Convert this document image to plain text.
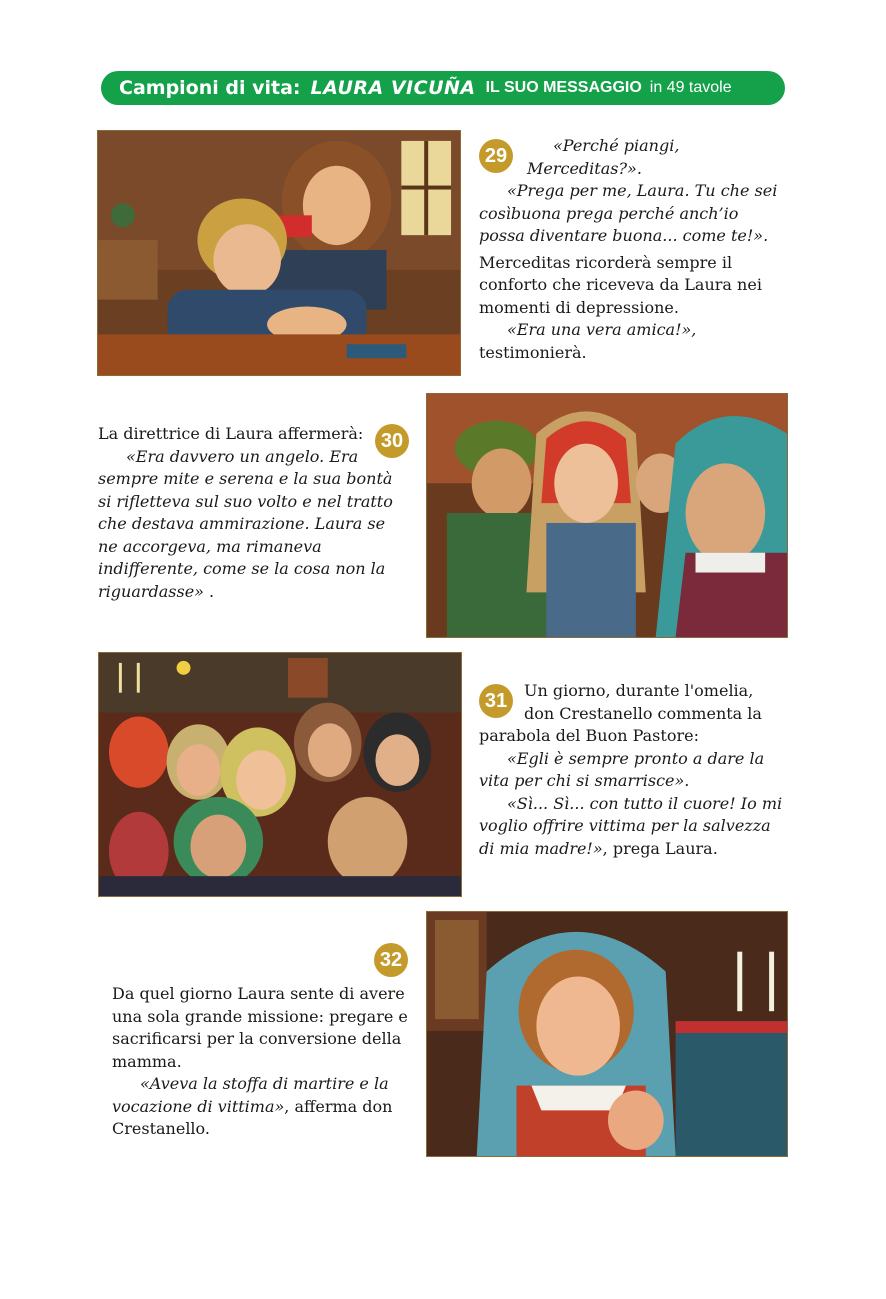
Campioni di vita: LAURA VICUÑA IL SUO MESSAGGIO in 49 tavole
29	«Perché piangi,

Merceditas?».

«Prega per me, Laura. Tu che sei cosìbuona prega perché anch’io possa diventare buona... come te!».

Merceditas ricorderà sempre il conforto che riceveva da Laura nei momenti di depressione.

«Era una vera amica!»,

testimonierà.

30

La direttrice di Laura affermerà:

«Era davvero un angelo. Era sempre mite e serena e la sua bontà si rifletteva sul suo volto e nel tratto che destava ammirazione. Laura se ne accorgeva, ma rimaneva indifferente, come se la cosa non la riguardasse» .

31	Un giorno, durante l'omelia,

don Crestanello commenta la

parabola del Buon Pastore:

«Egli è sempre pronto a dare la vita per chi si smarrisce».

«Sì... Sì... con tutto il cuore! Io mi voglio offrire vittima per la salvezza di mia madre!», prega Laura.

32

Da quel giorno Laura sente di avere una sola grande missione: pregare e sacrificarsi per la conversione della mamma.

«Aveva la stoffa di martire e la vocazione di vittima», afferma don Crestanello.
